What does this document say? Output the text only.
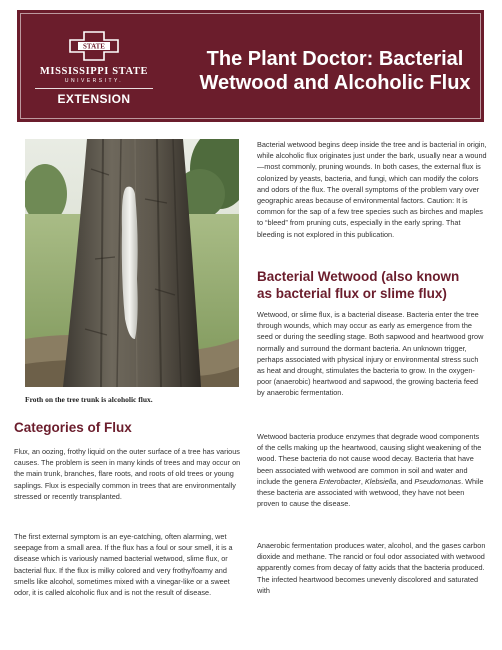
STATE
MISSISSIPPI STATE
UNIVERSITY.
EXTENSION
The Plant Doctor: Bacterial
Wetwood and Alcoholic Flux
Froth on the tree trunk is alcoholic flux.
Bacterial wetwood begins deep inside the tree and is bacterial in origin, while alcoholic flux originates just under the bark, usually near a wound—most commonly, pruning wounds. In both cases, the external flux is colonized by yeasts, bacteria, and fungi, which can modify the colors and odors of the flux. The overall symptoms of the problem vary over geographic areas because of environmental factors. Caution: It is common for the sap of a few tree species such as birches and maples to “bleed” from pruning cuts, especially in the early spring. That bleeding is not explored in this publication.
Bacterial Wetwood (also known
as bacterial flux or slime flux)
Wetwood, or slime flux, is a bacterial disease. Bacteria enter the tree through wounds, which may occur as early as emergence from the seed or during the seedling stage. Both sapwood and heartwood grow normally and surround the dormant bacteria. An unknown trigger, perhaps associated with physical injury or environmental stress such as heat and drought, stimulates the bacteria to grow. In the oxygen-poor (anaerobic) heartwood and sapwood, the growing bacteria feed by anaerobic fermentation.
Wetwood bacteria produce enzymes that degrade wood components of the cells making up the heartwood, causing slight weakening of the wood. These bacteria do not cause wood decay. Bacteria that have been associated with wetwood are common in soil and water and include the genera Enterobacter, Klebsiella, and Pseudomonas. While these bacteria are associated with wetwood, they have not been proven to cause the disease.
Anaerobic fermentation produces water, alcohol, and the gases carbon dioxide and methane. The rancid or foul odor associated with wetwood apparently comes from decay of fatty acids that the bacteria produced. The infected heartwood becomes unevenly discolored and saturated with
Categories of Flux
Flux, an oozing, frothy liquid on the outer surface of a tree has various causes. The problem is seen in many kinds of trees and may occur on the main trunk, branches, flare roots, and roots of old trees or young saplings. Flux is especially common in trees that are environmentally stressed or recently transplanted.
The first external symptom is an eye-catching, often alarming, wet seepage from a small area. If the flux has a foul or sour smell, it is a disease which is variously named bacterial wetwood, slime flux, or bacterial flux. If the flux is milky colored and very frothy/foamy and smells like alcohol, sometimes mixed with a vinegar-like or a sweet odor, it is called alcoholic flux and is not the result of disease.
